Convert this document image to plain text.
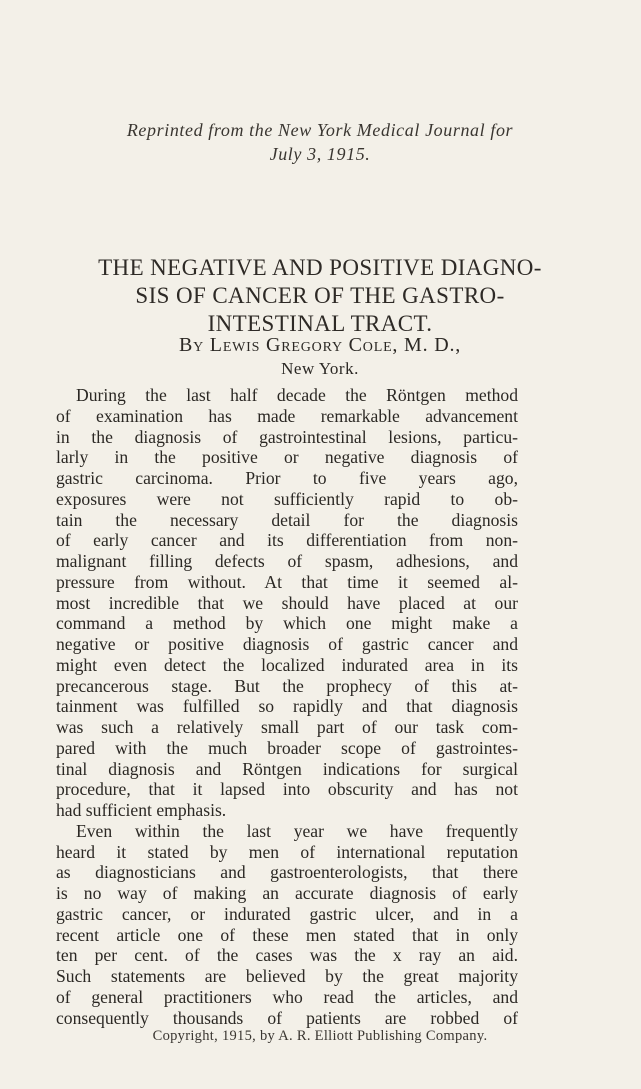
Reprinted from the New York Medical Journal for
July 3, 1915.
THE NEGATIVE AND POSITIVE DIAGNO-
SIS OF CANCER OF THE GASTRO-
INTESTINAL TRACT.
By Lewis Gregory Cole, M. D.,
New York.
During the last half decade the Röntgen method
of examination has made remarkable advancement
in the diagnosis of gastrointestinal lesions, particu-
larly in the positive or negative diagnosis of
gastric carcinoma. Prior to five years ago,
exposures were not sufficiently rapid to ob-
tain the necessary detail for the diagnosis
of early cancer and its differentiation from non-
malignant filling defects of spasm, adhesions, and
pressure from without. At that time it seemed al-
most incredible that we should have placed at our
command a method by which one might make a
negative or positive diagnosis of gastric cancer and
might even detect the localized indurated area in its
precancerous stage. But the prophecy of this at-
tainment was fulfilled so rapidly and that diagnosis
was such a relatively small part of our task com-
pared with the much broader scope of gastrointes-
tinal diagnosis and Röntgen indications for surgical
procedure, that it lapsed into obscurity and has not
had sufficient emphasis.
Even within the last year we have frequently
heard it stated by men of international reputation
as diagnosticians and gastroenterologists, that there
is no way of making an accurate diagnosis of early
gastric cancer, or indurated gastric ulcer, and in a
recent article one of these men stated that in only
ten per cent. of the cases was the x ray an aid.
Such statements are believed by the great majority
of general practitioners who read the articles, and
consequently thousands of patients are robbed of
Copyright, 1915, by A. R. Elliott Publishing Company.
